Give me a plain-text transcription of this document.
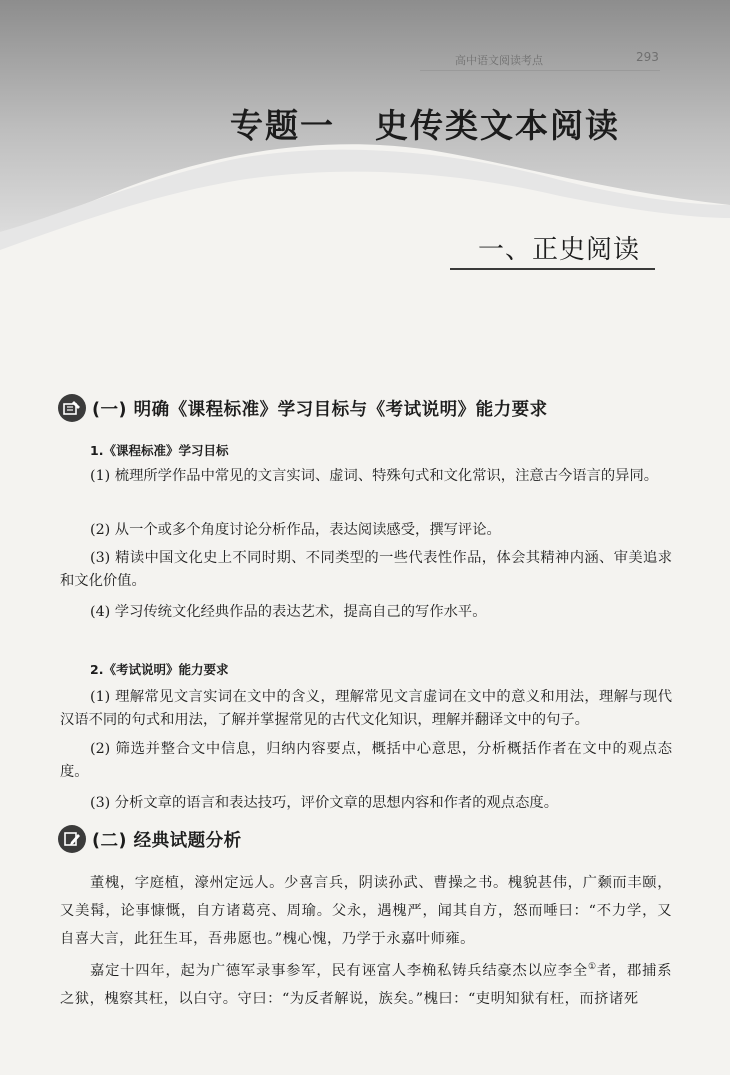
高中语文阅读考点	293
专题一 史传类文本阅读
一、正史阅读
(一) 明确《课程标准》学习目标与《考试说明》能力要求
1.《课程标准》学习目标

(1) 梳理所学作品中常见的文言实词、虚词、特殊句式和文化常识，注意古今语言的异同。

(2) 从一个或多个角度讨论分析作品，表达阅读感受，撰写评论。

(3) 精读中国文化史上不同时期、不同类型的一些代表性作品，体会其精神内涵、审美追求和文化价值。

(4) 学习传统文化经典作品的表达艺术，提高自己的写作水平。

2.《考试说明》能力要求

(1) 理解常见文言实词在文中的含义，理解常见文言虚词在文中的意义和用法，理解与现代汉语不同的句式和用法，了解并掌握常见的古代文化知识，理解并翻译文中的句子。

(2) 筛选并整合文中信息，归纳内容要点，概括中心意思，分析概括作者在文中的观点态度。

(3) 分析文章的语言和表达技巧，评价文章的思想内容和作者的观点态度。

(二) 经典试题分析

董槐，字庭植，濠州定远人。少喜言兵，阴读孙武、曹操之书。槐貌甚伟，广颡而丰颐，又美髯，论事慷慨，自方诸葛亮、周瑜。父永，遇槐严，闻其自方，怒而唾曰：“不力学，又自喜大言，此狂生耳，吾弗愿也。”槐心愧，乃学于永嘉叶师雍。

嘉定十四年，起为广德军录事参军，民有诬富人李桷私铸兵结豪杰以应李全①者，郡捕系之狱，槐察其枉，以白守。守曰：“为反者解说，族矣。”槐曰：“吏明知狱有枉，而挤诸死
